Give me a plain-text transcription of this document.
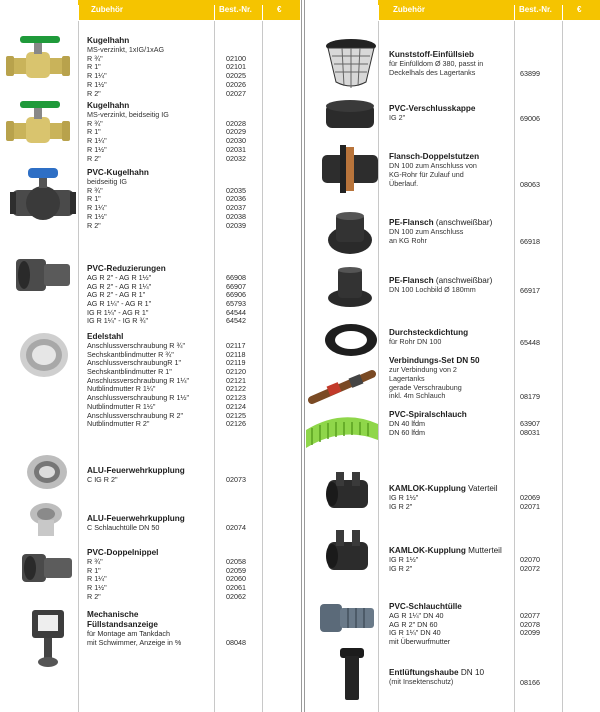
Zubehör	Best.-Nr.	€
Kugelhahn
MS-verzinkt, 1xIG/1xAG
R ¾"	02100
R 1"	02101
R 1¼"	02025
R 1½"	02026
R 2"	02027
Kugelhahn
MS-verzinkt, beidseitig IG
R ¾"	02028
R 1"	02029
R 1¼"	02030
R 1½"	02031
R 2"	02032
PVC-Kugelhahn
beidseitig IG
R ¾"	02035
R 1"	02036
R 1¼"	02037
R 1½"	02038
R 2"	02039
PVC-Reduzierungen
AG R 2" - AG R 1½"	66908
AG R 2" - AG R 1¼"	66907
AG R 2" - AG R 1"	66906
AG R 1¼" - AG R 1"	65793
IG R 1¼" - AG R 1"	64544
IG R 1¼" - IG R ¾"	64542
Edelstahl
Anschlussverschraubung R ¾"	02117
Sechskantblindmutter R ¾"	02118
AnschlussverschraubungR 1"	02119
Sechskantblindmutter R 1"	02120
Anschlussverschraubung R 1¼"	02121
Nutblindmutter R 1¼"	02122
Anschlussverschraubung R 1½"	02123
Nutblindmutter R 1½"	02124
Anschlussverschraubung R 2"	02125
Nutblindmutter R 2"	02126
ALU-Feuerwehrkupplung
C IG R 2"	02073
ALU-Feuerwehrkupplung
C Schlauchtülle DN 50	02074
PVC-Doppelnippel
R ¾"	02058
R 1"	02059
R 1¼"	02060
R 1½"	02061
R 2"	02062
Mechanische Füllstandsanzeige
für Montage am Tankdach
mit Schwimmer, Anzeige in %	08048
Zubehör	Best.-Nr.	€
Kunststoff-Einfüllsieb
für Einfülldom Ø 380, passt in
Deckelhals des Lagertanks	63899
PVC-Verschlusskappe
IG 2"	69006
Flansch-Doppelstutzen
DN 100 zum Anschluss von
KG-Rohr für Zulauf und
Überlauf.	08063
PE-Flansch (anschweißbar)
DN 100 zum Anschluss
an KG Rohr	66918
PE-Flansch (anschweißbar)
DN 100 Lochbild Ø 180mm	66917
Durchsteckdichtung
für Rohr DN 100	65448
Verbindungs-Set DN 50
zur Verbindung von 2
Lagertanks
gerade Verschraubung
inkl. 4m Schlauch	08179
PVC-Spiralschlauch
DN 40 lfdm	63907
DN 60 lfdm	08031
KAMLOK-Kupplung Vaterteil
IG R 1½"	02069
IG R 2"	02071
KAMLOK-Kupplung Mutterteil
IG R 1½"	02070
IG R 2"	02072
PVC-Schlauchtülle
AG R 1¼" DN 40	02077
AG R 2" DN 60	02078
IG R 1¼" DN 40	02099
mit Überwurfmutter
Entlüftungshaube DN 10
(mit Insektenschutz)	08166
